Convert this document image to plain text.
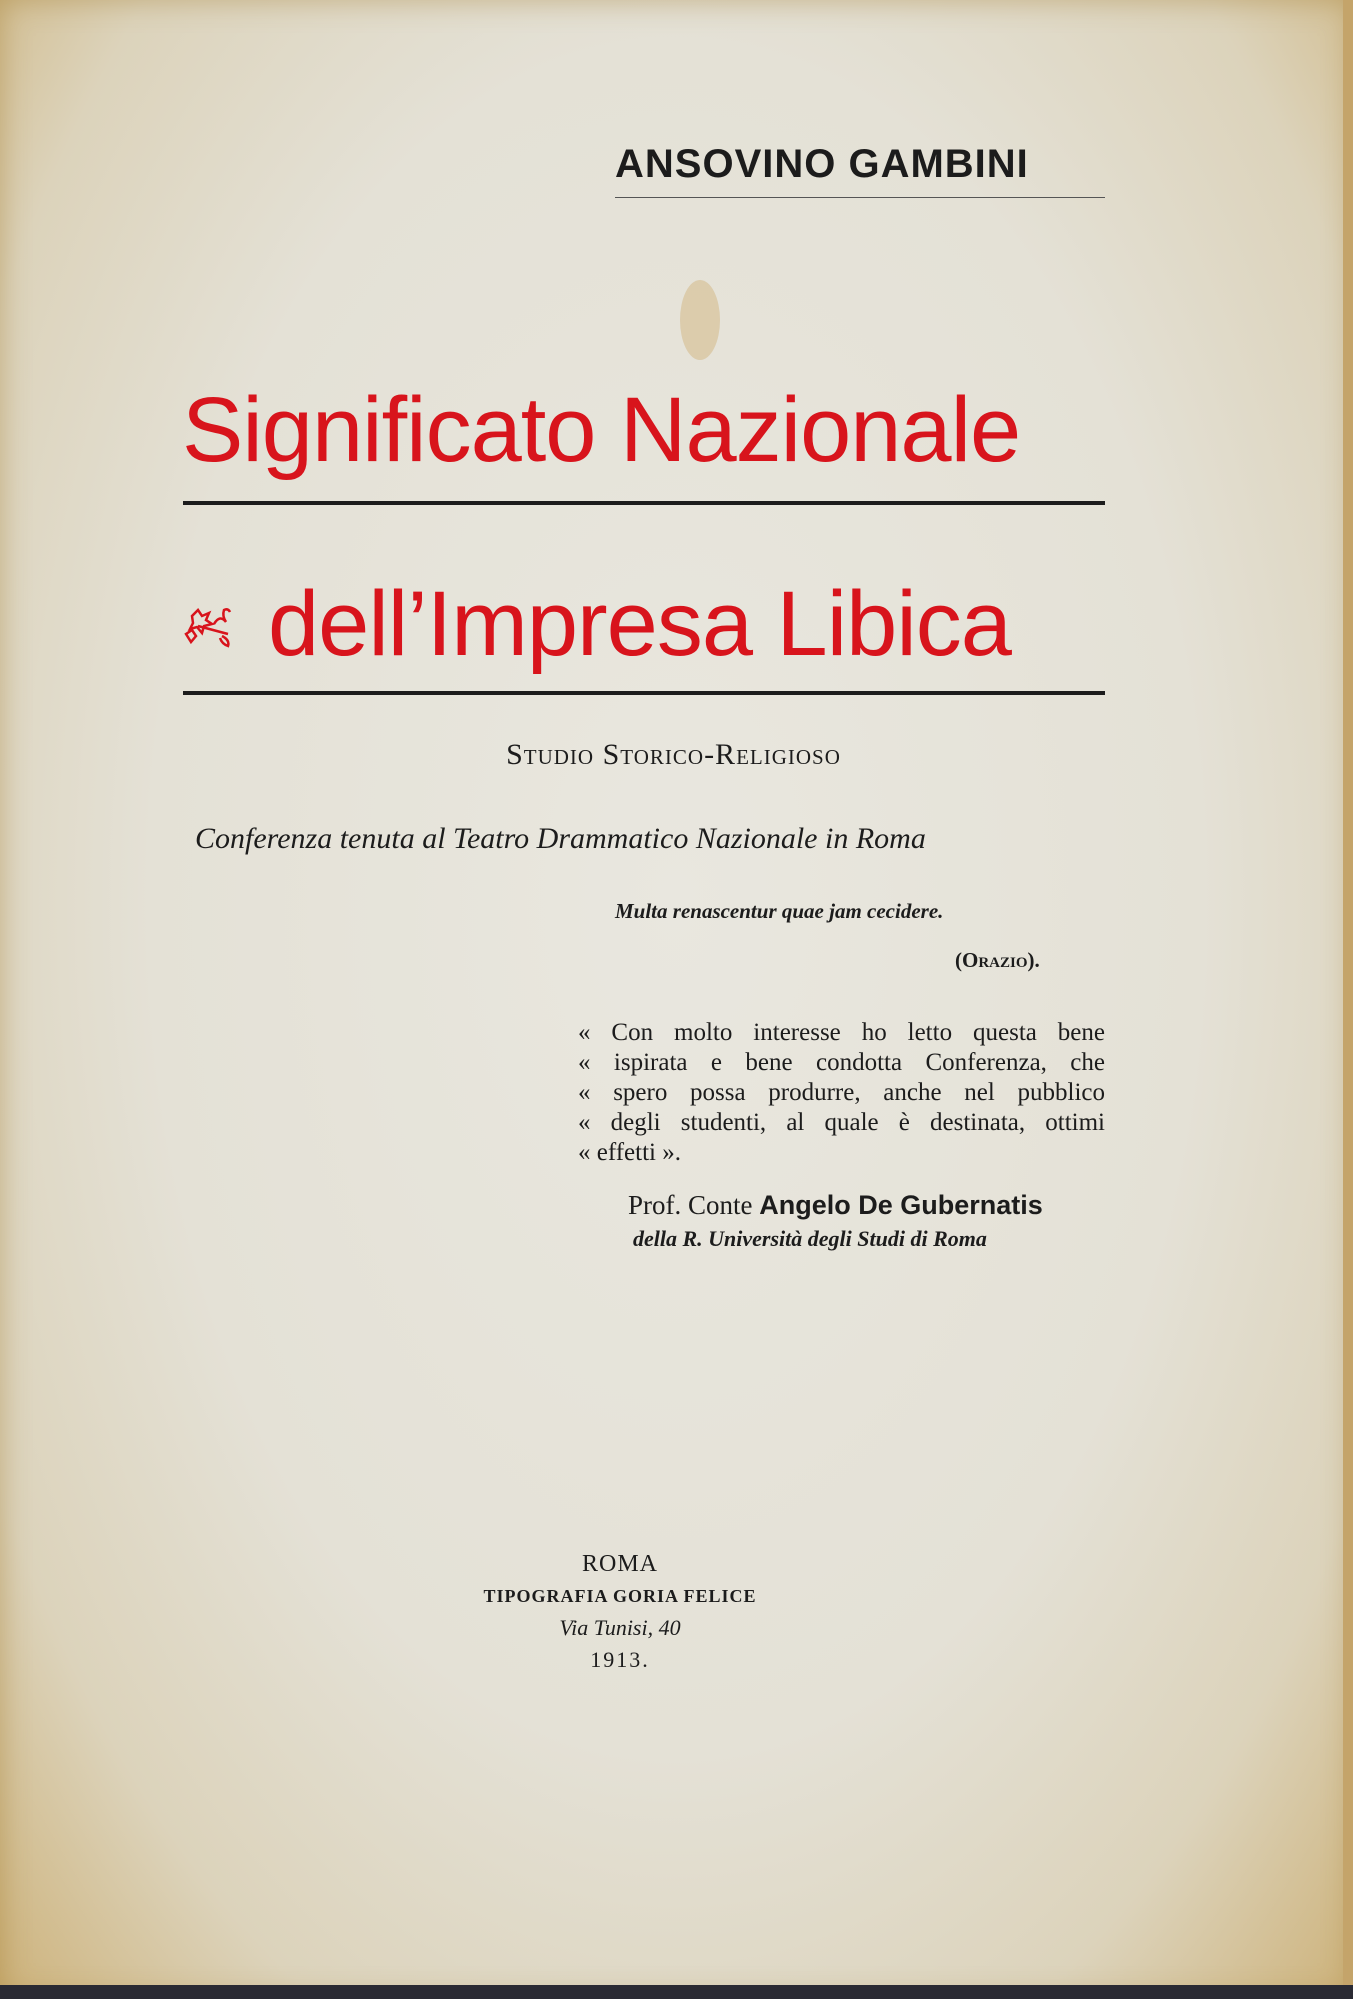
ANSOVINO GAMBINI
Significato Nazionale
dell’Impresa Libica
Studio Storico-Religioso
Conferenza tenuta al Teatro Drammatico Nazionale in Roma
Multa renascentur quae jam cecidere.
(Orazio).
« Con molto interesse ho letto questa bene
« ispirata e bene condotta Conferenza, che
« spero possa produrre, anche nel pubblico
« degli studenti, al quale è destinata, ottimi
« effetti ».
Prof. Conte Angelo De Gubernatis
della R. Università degli Studi di Roma
ROMA
TIPOGRAFIA GORIA FELICE
Via Tunisi, 40
1913.
